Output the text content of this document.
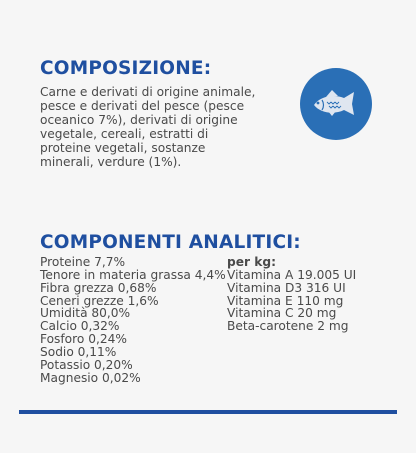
COMPOSIZIONE:

Carne e derivati di origine animale,
pesce e derivati del pesce (pesce
oceanico 7%), derivati di origine
vegetale, cereali, estratti di
proteine vegetali, sostanze
minerali, verdure (1%).

COMPONENTI ANALITICI:
Proteine 7,7%
Tenore in materia grassa 4,4%
Fibra grezza 0,68%
Ceneri grezze 1,6%
Umidità 80,0%
Calcio 0,32%
Fosforo 0,24%
Sodio 0,11%
Potassio 0,20%
Magnesio 0,02%
per kg:
Vitamina A 19.005 UI
Vitamina D3 316 UI
Vitamina E 110 mg
Vitamina C 20 mg
Beta-carotene 2 mg
